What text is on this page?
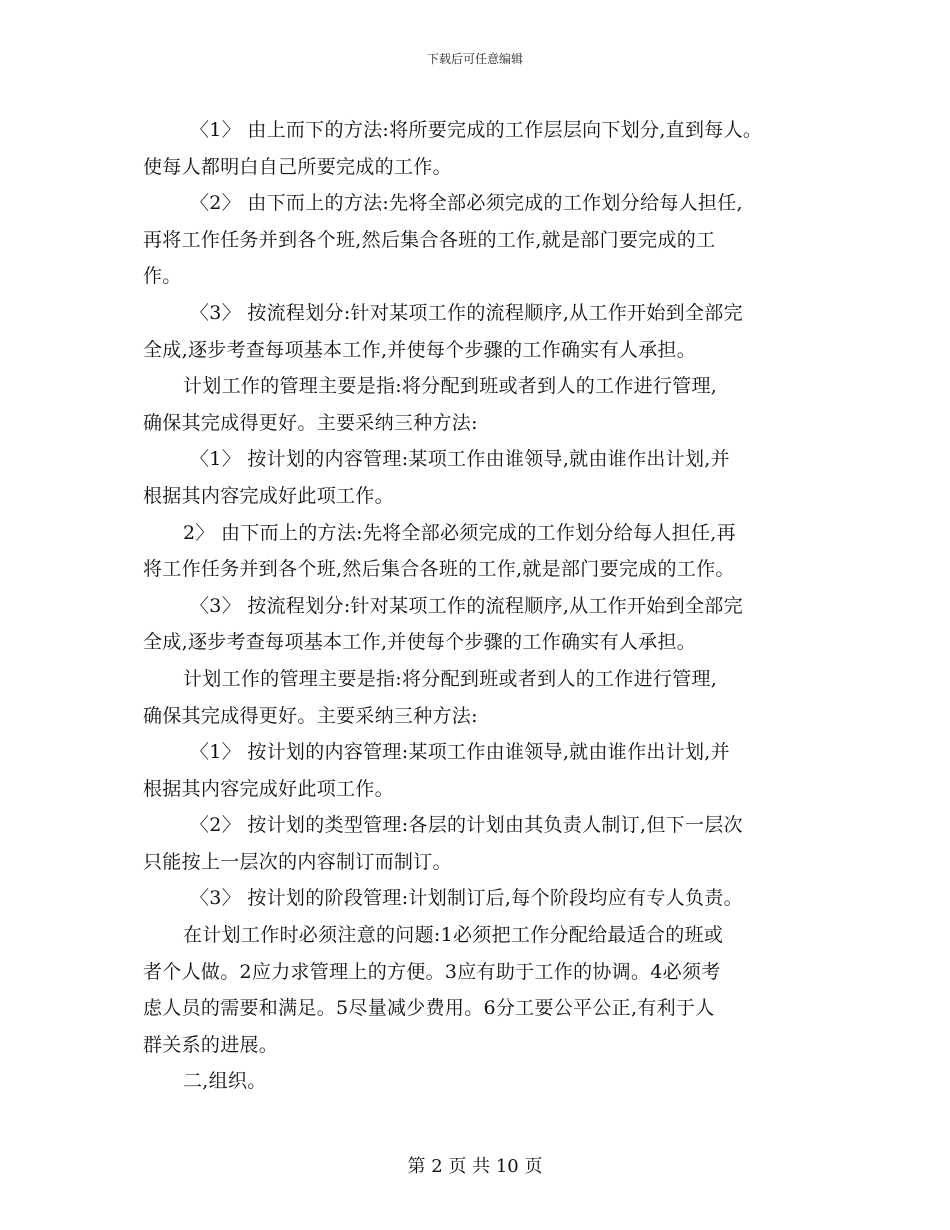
下载后可任意编辑
〈1〉 由上而下的方法:将所要完成的工作层层向下划分,直到每人。
使每人都明白自己所要完成的工作。
〈2〉 由下而上的方法:先将全部必须完成的工作划分给每人担任,
再将工作任务并到各个班,然后集合各班的工作,就是部门要完成的工
作。
〈3〉 按流程划分:针对某项工作的流程顺序,从工作开始到全部完
全成,逐步考查每项基本工作,并使每个步骤的工作确实有人承担。
计划工作的管理主要是指:将分配到班或者到人的工作进行管理,
确保其完成得更好。主要采纳三种方法:
〈1〉 按计划的内容管理:某项工作由谁领导,就由谁作出计划,并
根据其内容完成好此项工作。
2〉 由下而上的方法:先将全部必须完成的工作划分给每人担任,再
将工作任务并到各个班,然后集合各班的工作,就是部门要完成的工作。
〈3〉 按流程划分:针对某项工作的流程顺序,从工作开始到全部完
全成,逐步考查每项基本工作,并使每个步骤的工作确实有人承担。
计划工作的管理主要是指:将分配到班或者到人的工作进行管理,
确保其完成得更好。主要采纳三种方法:
〈1〉 按计划的内容管理:某项工作由谁领导,就由谁作出计划,并
根据其内容完成好此项工作。
〈2〉 按计划的类型管理:各层的计划由其负责人制订,但下一层次
只能按上一层次的内容制订而制订。
〈3〉 按计划的阶段管理:计划制订后,每个阶段均应有专人负责。
在计划工作时必须注意的问题:1必须把工作分配给最适合的班或
者个人做。2应力求管理上的方便。3应有助于工作的协调。4必须考
虑人员的需要和满足。5尽量减少费用。6分工要公平公正,有利于人
群关系的进展。
二,组织。
第 2 页 共 10 页
